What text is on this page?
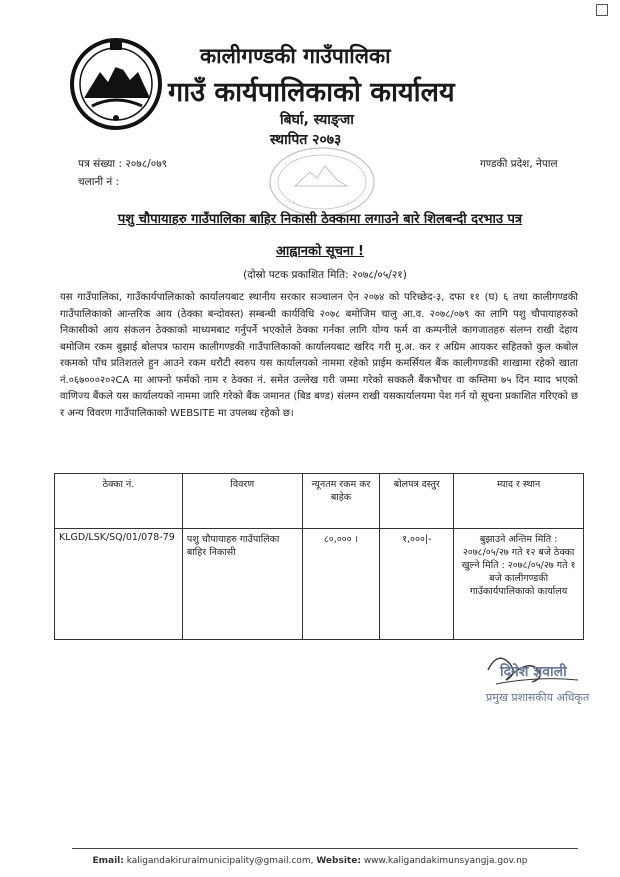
कालीगण्डकी गाउँपालिका
गाउँ कार्यपालिकाको कार्यालय
बिर्घा, स्याङ्जा
स्थापित २०७३
पत्र संख्या : २०७८/०७९
चलानी नं :
गण्डकी प्रदेश, नेपाल
पशु चौपायाहरु गाउँपालिका बाहिर निकासी ठेक्कामा लगाउने बारे शिलबन्दी दरभाउ पत्र
आह्वानको सूचना !
(दोस्रो पटक प्रकाशित मिति: २०७८/०५/२१)
यस गाउँपालिका, गाउँकार्यपालिकाको कार्यालयबाट स्थानीय सरकार सञ्चालन ऐन २०७४ को परिच्छेद-३, दफा ११ (घ) ६ तथा कालीगण्डकी गाउँपालिकाको आन्तरिक आय (ठेक्का बन्दोवस्त) सम्बन्धी कार्यविधि २०७८ बमोजिम चालु आ.व. २०७८/०७९ का लागि पशु चौपायाहरुको निकासीको आय संकलन ठेक्काको माध्यमबाट गर्नुपर्ने भएकोले ठेक्का गर्नका लागि योग्य फर्म वा कम्पनीले कागजातहरु संलग्न राखी देहाय बमोजिम रकम बुझाई बोलपत्र फाराम कालीगण्डकी गाउँपालिकाको कार्यालयबाट खरिद गरी मु.अ. कर र अग्रिम आयकर सहितको कुल कबोल रकमको पाँच प्रतिशतले हुन आउने रकम धरौटी स्वरुप यस कार्यालयको नाममा रहेको प्राईम कमर्सियल बैंक कालीगण्डकी शाखामा रहेको खाता नं.०६७०००२०२CA मा आफ्नो फर्मको नाम र ठेक्का नं. समेत उल्लेख गरी जम्मा गरेको सक्कलै बैंकभौचर वा कम्तिमा ७५ दिन म्याद भएको वाणिज्य बैंकले यस कार्यालयको नाममा जारि गरेको बैंक जमानत (बिड बण्ड) संलग्न राखी यसकार्यालयमा पेश गर्न यो सूचना प्रकाशित गरिएको छ र अन्य विवरण गाउँपालिकाको WEBSITE मा उपलब्ध रहेको छ।
ठेक्का नं.	विवरण	न्यूनतम रकम कर बाहेक	बोलपत्र दस्तुर	म्याद र स्थान
KLGD/LSK/SQ/01/078-79	पशु चौपायाहरु गाउँपालिका बाहिर निकासी	८०,००० ।	१,०००|-	बुझाउने अन्तिम मिति : २०७८/०५/२७ गते १२ बजे ठेक्का खुल्ने मिति : २०७८/०५/२७ गते १ बजे कालीगण्डकी गाउँकार्यपालिकाको कार्यालय
दिनेश ज्ञवाली
प्रमुख प्रशासकीय अधिकृत
Email: kaligandakiruralmunicipality@gmail.com, Website: www.kaligandakimunsyangja.gov.np
